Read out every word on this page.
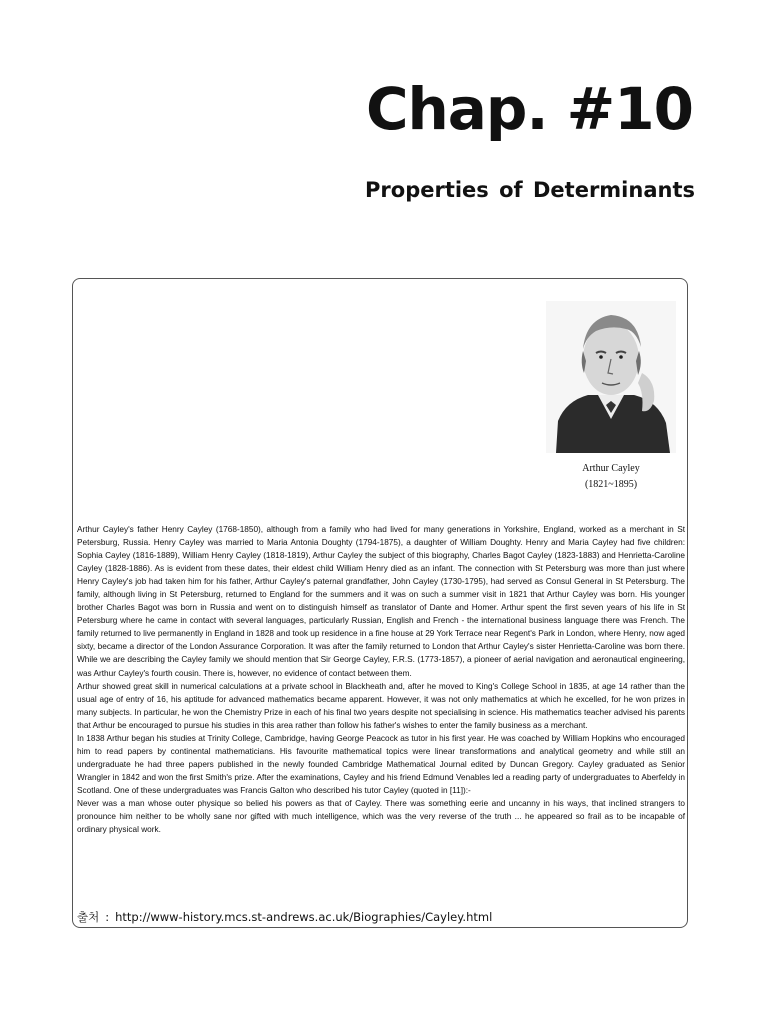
Chap. #10
Properties of Determinants
Arthur Cayley
(1821~1895)

Arthur Cayley's father Henry Cayley (1768-1850), although from a family who had lived for many generations in Yorkshire, England, worked as a merchant in St Petersburg, Russia. Henry Cayley was married to Maria Antonia Doughty (1794-1875), a daughter of William Doughty. Henry and Maria Cayley had five children: Sophia Cayley (1816-1889), William Henry Cayley (1818-1819), Arthur Cayley the subject of this biography, Charles Bagot Cayley (1823-1883) and Henrietta-Caroline Cayley (1828-1886). As is evident from these dates, their eldest child William Henry died as an infant. The connection with St Petersburg was more than just where Henry Cayley's job had taken him for his father, Arthur Cayley's paternal grandfather, John Cayley (1730-1795), had served as Consul General in St Petersburg. The family, although living in St Petersburg, returned to England for the summers and it was on such a summer visit in 1821 that Arthur Cayley was born. His younger brother Charles Bagot was born in Russia and went on to distinguish himself as translator of Dante and Homer. Arthur spent the first seven years of his life in St Petersburg where he came in contact with several languages, particularly Russian, English and French - the international business language there was French. The family returned to live permanently in England in 1828 and took up residence in a fine house at 29 York Terrace near Regent's Park in London, where Henry, now aged sixty, became a director of the London Assurance Corporation. It was after the family returned to London that Arthur Cayley's sister Henrietta-Caroline was born there. While we are describing the Cayley family we should mention that Sir George Cayley, F.R.S. (1773-1857), a pioneer of aerial navigation and aeronautical engineering, was Arthur Cayley's fourth cousin. There is, however, no evidence of contact between them.

Arthur showed great skill in numerical calculations at a private school in Blackheath and, after he moved to King's College School in 1835, at age 14 rather than the usual age of entry of 16, his aptitude for advanced mathematics became apparent. However, it was not only mathematics at which he excelled, for he won prizes in many subjects. In particular, he won the Chemistry Prize in each of his final two years despite not specialising in science. His mathematics teacher advised his parents that Arthur be encouraged to pursue his studies in this area rather than follow his father's wishes to enter the family business as a merchant.

In 1838 Arthur began his studies at Trinity College, Cambridge, having George Peacock as tutor in his first year. He was coached by William Hopkins who encouraged him to read papers by continental mathematicians. His favourite mathematical topics were linear transformations and analytical geometry and while still an undergraduate he had three papers published in the newly founded Cambridge Mathematical Journal edited by Duncan Gregory. Cayley graduated as Senior Wrangler in 1842 and won the first Smith's prize. After the examinations, Cayley and his friend Edmund Venables led a reading party of undergraduates to Aberfeldy in Scotland. One of these undergraduates was Francis Galton who described his tutor Cayley (quoted in [11]):-

Never was a man whose outer physique so belied his powers as that of Cayley. There was something eerie and uncanny in his ways, that inclined strangers to pronounce him neither to be wholly sane nor gifted with much intelligence, which was the very reverse of the truth ... he appeared so frail as to be incapable of ordinary physical work.

출처 : http://www-history.mcs.st-andrews.ac.uk/Biographies/Cayley.html
